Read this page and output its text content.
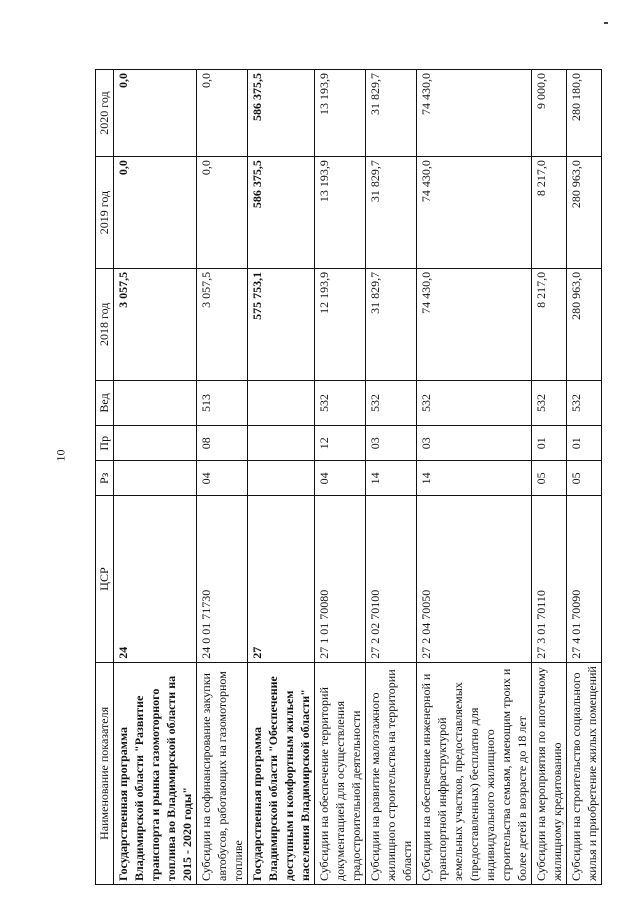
10
Наименование показателя	ЦСР	Рз	Пр	Вед	2018 год	2019 год	2020 год
Государственная программа Владимирской области "Развитие транспорта и рынка газомоторного топлива во Владимирской области на 2015 - 2020 годы"	24				3 057,5	0,0	0,0
Субсидии на софинансирование закупки автобусов, работающих на газомоторном топливе	24 0 01 71730	04	08	513	3 057,5	0,0	0,0
Государственная программа Владимирской области "Обеспечение доступным и комфортным жильем населения Владимирской области"	27				575 753,1	586 375,5	586 375,5
Субсидии на обеспечение территорий документацией для осуществления градостроительной деятельности	27 1 01 70080	04	12	532	12 193,9	13 193,9	13 193,9
Субсидии на развитие малоэтажного жилищного строительства на территории области	27 2 02 70100	14	03	532	31 829,7	31 829,7	31 829,7
Субсидии на обеспечение инженерной и транспортной инфраструктурой земельных участков, предоставляемых (предоставленных) бесплатно для индивидуального жилищного строительства семьям, имеющим троих и более детей в возрасте до 18 лет	27 2 04 70050	14	03	532	74 430,0	74 430,0	74 430,0
Субсидии на мероприятия по ипотечному жилищному кредитованию	27 3 01 70110	05	01	532	8 217,0	8 217,0	9 000,0
Субсидии на строительство социального жилья и приобретение жилых помещений	27 4 01 70090	05	01	532	280 963,0	280 963,0	280 180,0
